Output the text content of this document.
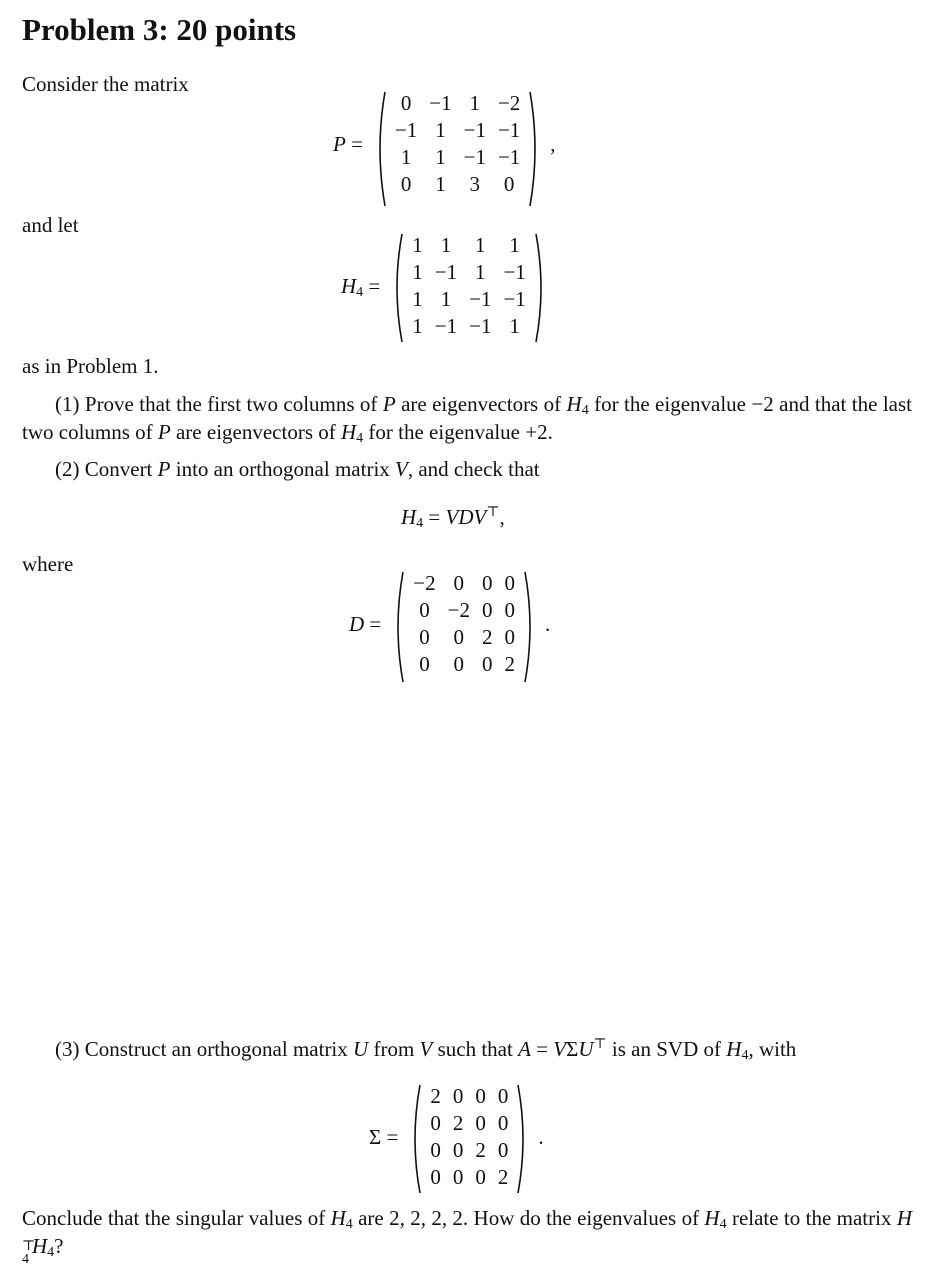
Problem 3: 20 points
Consider the matrix
P =
0	−1	1	−2
−1	1	−1	−1
1	1	−1	−1
0	1	3	0
,
and let
$H_4$ =
1	1	1	1
1	−1	1	−1
1	1	−1	−1
1	−1	−1	1
as in Problem 1.
(1) Prove that the first two columns of P are eigenvectors of $H_4$ for the eigenvalue −2 and that the last two columns of P are eigenvectors of $H_4$ for the eigenvalue +2.
(2) Convert P into an orthogonal matrix V, and check that
$H_4 = VDV^⊤$,
where
D =
−2	0	0	0
0	−2	0	0
0	0	2	0
0	0	0	2
.
(3) Construct an orthogonal matrix U from V such that A = VΣU⊤ is an SVD of $H_4$, with
Σ =
2	0	0	0
0	2	0	0
0	0	2	0
0	0	0	2
.
Conclude that the singular values of $H_4$ are 2, 2, 2, 2. How do the eigenvalues of $H_4$ relate to the matrix H
⊤
4
$H_4$?
